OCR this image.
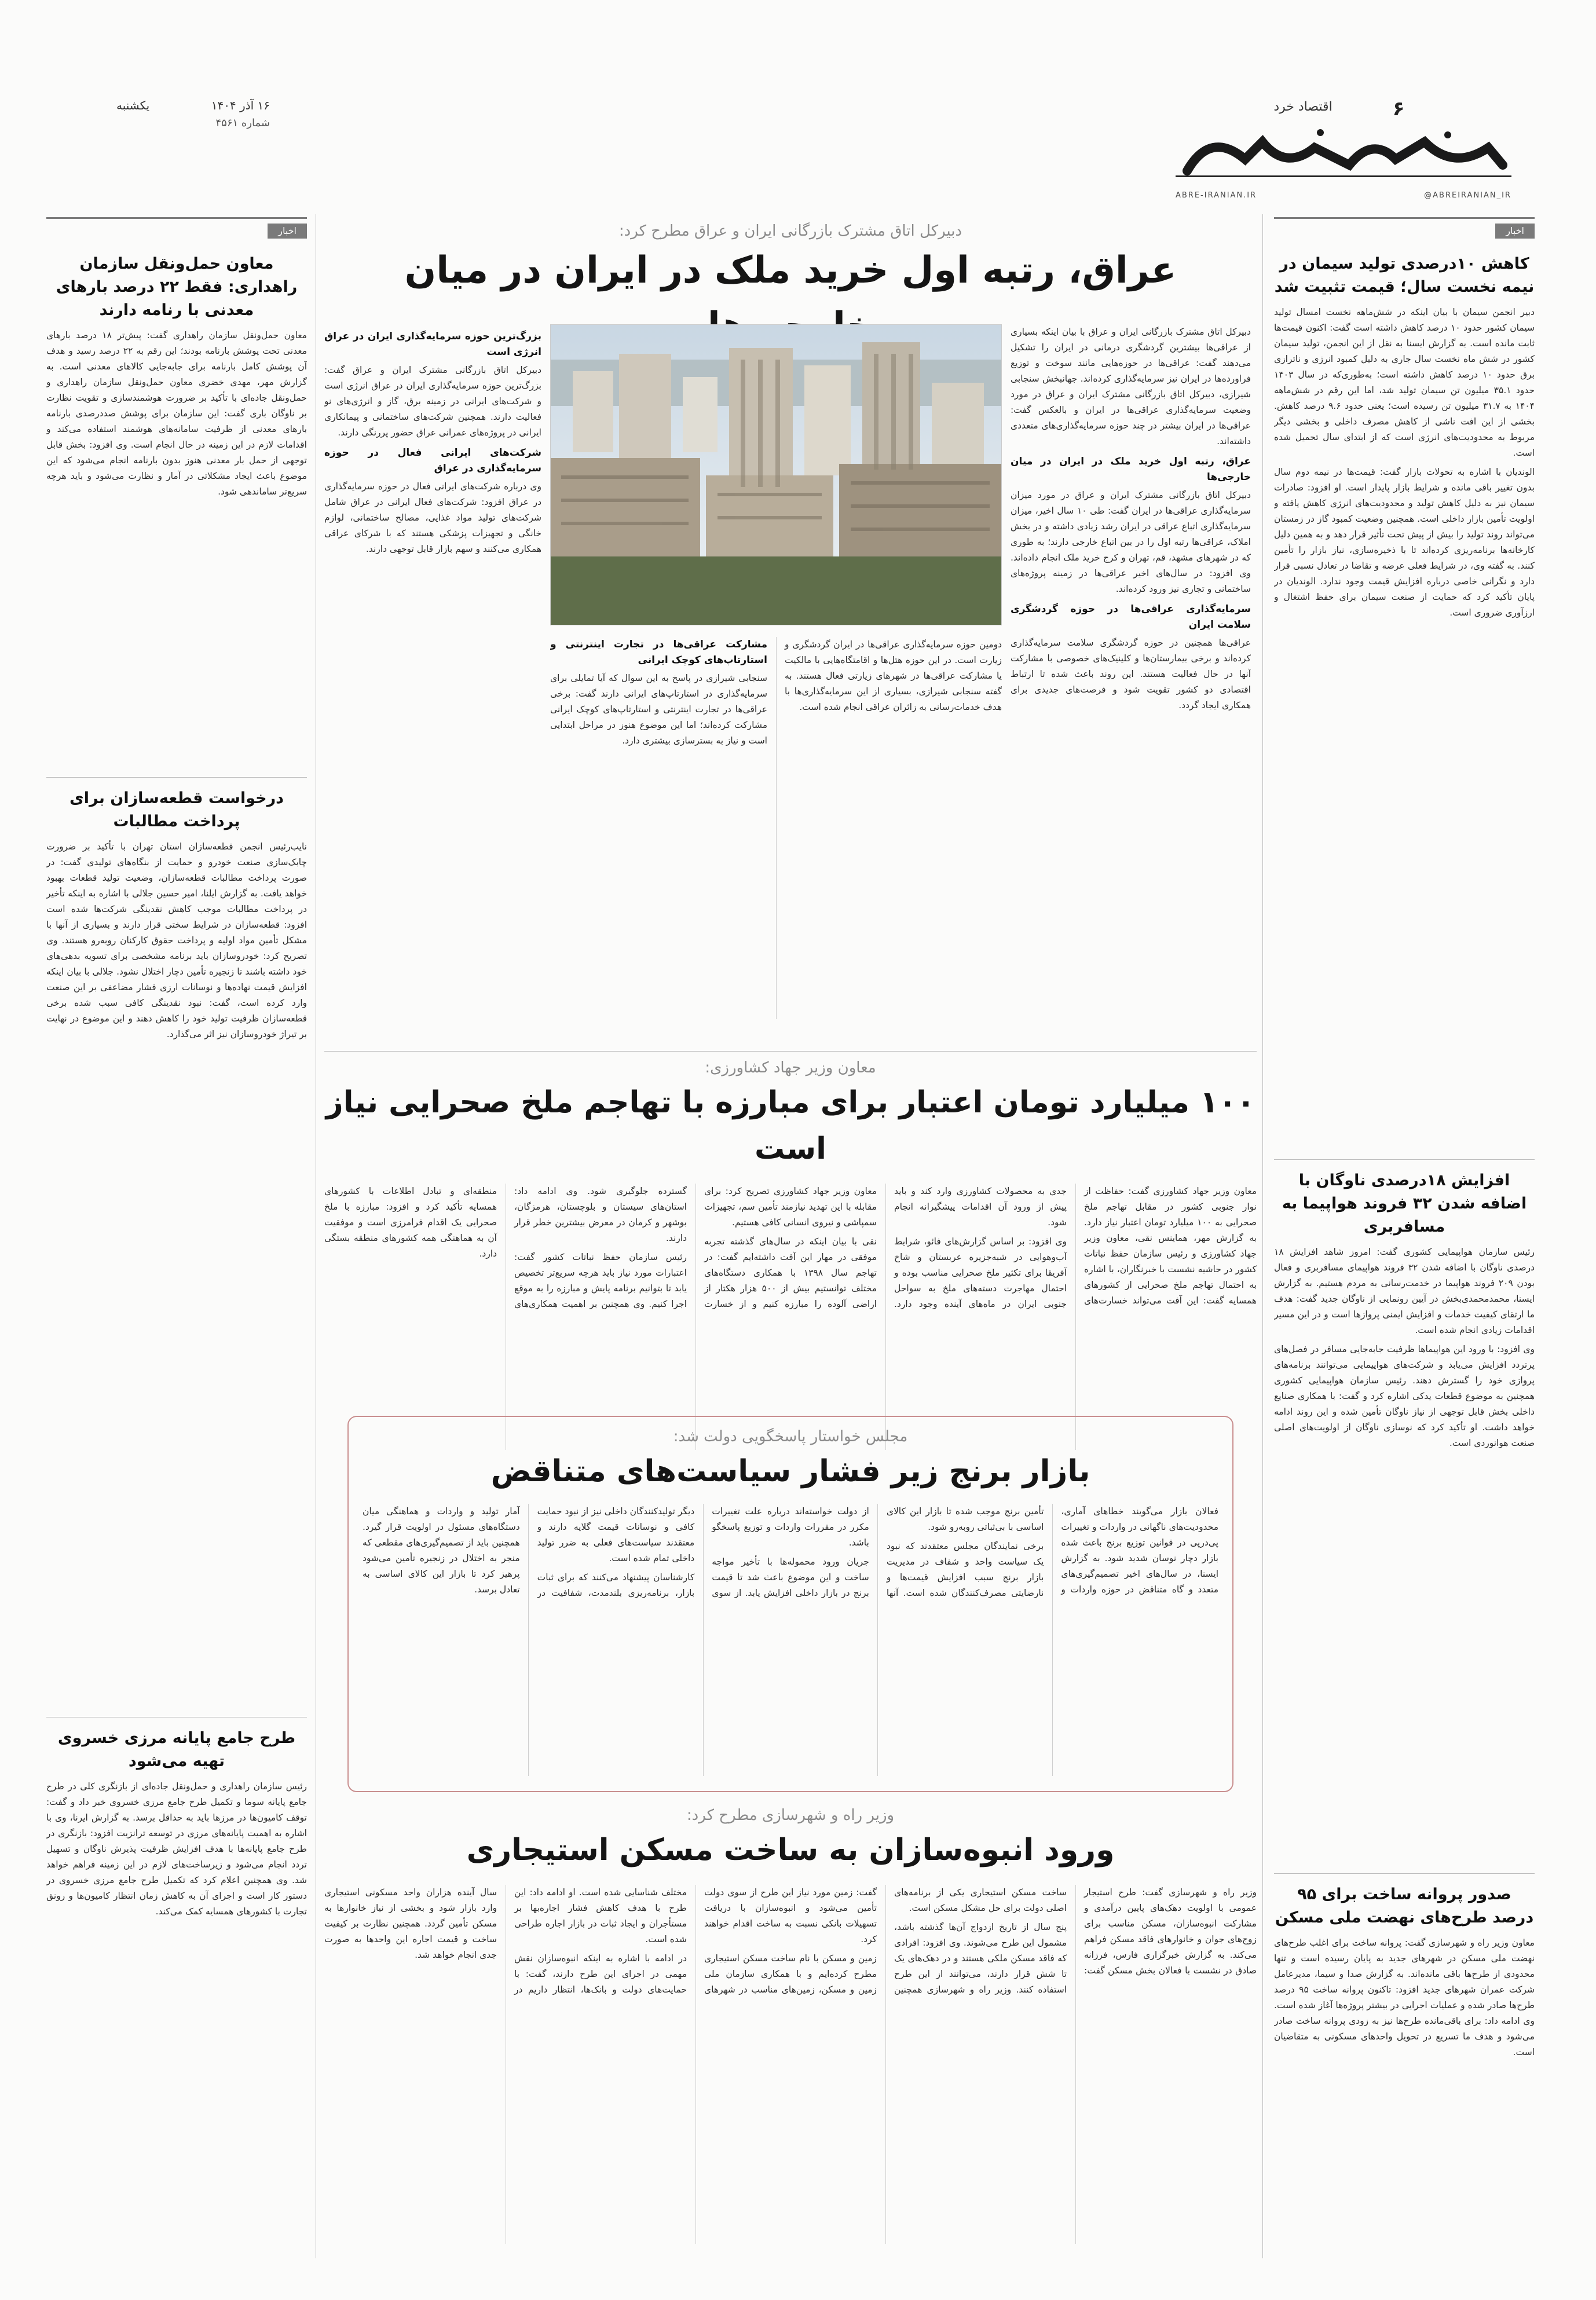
یکشنبه	۱۶ آذر ۱۴۰۴
شماره ۴۵۶۱
۶
اقتصاد خرد
ABRE-IRANIAN.IR	@ABREIRANIAN_IR
اخبار
کاهش ۱۰درصدی تولید سیمان در نیمه نخست سال؛ قیمت تثبیت شد

دبیر انجمن سیمان با بیان اینکه در شش‌ماهه نخست امسال تولید سیمان کشور حدود ۱۰ درصد کاهش داشته است گفت: اکنون قیمت‌ها ثابت مانده است. به گزارش ایسنا به نقل از این انجمن، تولید سیمان کشور در شش ماه نخست سال جاری به دلیل کمبود انرژی و ناترازی برق حدود ۱۰ درصد کاهش داشته است؛ به‌طوری‌که در سال ۱۴۰۳ حدود ۳۵.۱ میلیون تن سیمان تولید شد، اما این رقم در شش‌ماهه ۱۴۰۴ به ۳۱.۷ میلیون تن رسیده است؛ یعنی حدود ۹.۶ درصد کاهش. بخشی از این افت ناشی از کاهش مصرف داخلی و بخشی دیگر مربوط به محدودیت‌های انرژی است که از ابتدای سال تحمیل شده است.

الوندیان با اشاره به تحولات بازار گفت: قیمت‌ها در نیمه دوم سال بدون تغییر باقی مانده و شرایط بازار پایدار است. او افزود: صادرات سیمان نیز به دلیل کاهش تولید و محدودیت‌های انرژی کاهش یافته و اولویت تأمین بازار داخلی است. همچنین وضعیت کمبود گاز در زمستان می‌تواند روند تولید را بیش از پیش تحت تأثیر قرار دهد و به همین دلیل کارخانه‌ها برنامه‌ریزی کرده‌اند تا با ذخیره‌سازی، نیاز بازار را تأمین کنند. به گفته وی، در شرایط فعلی عرضه و تقاضا در تعادل نسبی قرار دارد و نگرانی خاصی درباره افزایش قیمت وجود ندارد. الوندیان در پایان تأکید کرد که حمایت از صنعت سیمان برای حفظ اشتغال و ارزآوری ضروری است.

افزایش ۱۸درصدی ناوگان با اضافه شدن ۳۲ فروند هواپیما به مسافربری

رئیس سازمان هواپیمایی کشوری گفت: امروز شاهد افزایش ۱۸ درصدی ناوگان با اضافه شدن ۳۲ فروند هواپیمای مسافربری و فعال بودن ۲۰۹ فروند هواپیما در خدمت‌رسانی به مردم هستیم. به گزارش ایسنا، محمدمحمدی‌بخش در آیین رونمایی از ناوگان جدید گفت: هدف ما ارتقای کیفیت خدمات و افزایش ایمنی پروازها است و در این مسیر اقدامات زیادی انجام شده است.

وی افزود: با ورود این هواپیماها ظرفیت جابه‌جایی مسافر در فصل‌های پرتردد افزایش می‌یابد و شرکت‌های هواپیمایی می‌توانند برنامه‌های پروازی خود را گسترش دهند. رئیس سازمان هواپیمایی کشوری همچنین به موضوع قطعات یدکی اشاره کرد و گفت: با همکاری صنایع داخلی بخش قابل توجهی از نیاز ناوگان تأمین شده و این روند ادامه خواهد داشت. او تأکید کرد که نوسازی ناوگان از اولویت‌های اصلی صنعت هوانوردی است.

صدور پروانه ساخت برای ۹۵ درصد طرح‌های نهضت ملی مسکن

معاون وزیر راه و شهرسازی گفت: پروانه ساخت برای اغلب طرح‌های نهضت ملی مسکن در شهرهای جدید به پایان رسیده است و تنها محدودی از طرح‌ها باقی مانده‌اند. به گزارش صدا و سیما، مدیرعامل شرکت عمران شهرهای جدید افزود: تاکنون پروانه ساخت ۹۵ درصد طرح‌ها صادر شده و عملیات اجرایی در بیشتر پروژه‌ها آغاز شده است. وی ادامه داد: برای باقی‌مانده طرح‌ها نیز به زودی پروانه ساخت صادر می‌شود و هدف ما تسریع در تحویل واحدهای مسکونی به متقاضیان است.

اخبار
معاون حمل‌ونقل سازمان راهداری: فقط ۲۲ درصد بارهای معدنی با رنامه دارند

معاون حمل‌ونقل سازمان راهداری گفت: پیش‌تر ۱۸ درصد بارهای معدنی تحت پوشش بارنامه بودند؛ این رقم به ۲۲ درصد رسید و هدف آن پوشش کامل بارنامه برای جابه‌جایی کالاهای معدنی است. به گزارش مهر، مهدی خضری معاون حمل‌ونقل سازمان راهداری و حمل‌ونقل جاده‌ای با تأکید بر ضرورت هوشمندسازی و تقویت نظارت بر ناوگان باری گفت: این سازمان برای پوشش صددرصدی بارنامه بارهای معدنی از ظرفیت سامانه‌های هوشمند استفاده می‌کند و اقدامات لازم در این زمینه در حال انجام است. وی افزود: بخش قابل توجهی از حمل بار معدنی هنوز بدون بارنامه انجام می‌شود که این موضوع باعث ایجاد مشکلاتی در آمار و نظارت می‌شود و باید هرچه سریع‌تر ساماندهی شود.

درخواست قطعه‌سازان برای پرداخت مطالبات

نایب‌رئیس انجمن قطعه‌سازان استان تهران با تأکید بر ضرورت چابک‌سازی صنعت خودرو و حمایت از بنگاه‌های تولیدی گفت: در صورت پرداخت مطالبات قطعه‌سازان، وضعیت تولید قطعات بهبود خواهد یافت. به گزارش ایلنا، امیر حسین جلالی با اشاره به اینکه تأخیر در پرداخت مطالبات موجب کاهش نقدینگی شرکت‌ها شده است افزود: قطعه‌سازان در شرایط سختی قرار دارند و بسیاری از آنها با مشکل تأمین مواد اولیه و پرداخت حقوق کارکنان روبه‌رو هستند. وی تصریح کرد: خودروسازان باید برنامه مشخصی برای تسویه بدهی‌های خود داشته باشند تا زنجیره تأمین دچار اختلال نشود. جلالی با بیان اینکه افزایش قیمت نهاده‌ها و نوسانات ارزی فشار مضاعفی بر این صنعت وارد کرده است، گفت: نبود نقدینگی کافی سبب شده برخی قطعه‌سازان ظرفیت تولید خود را کاهش دهند و این موضوع در نهایت بر تیراژ خودروسازان نیز اثر می‌گذارد.

طرح جامع پایانه مرزی خسروی تهیه می‌شود

رئیس سازمان راهداری و حمل‌ونقل جاده‌ای از بازنگری کلی در طرح جامع پایانه سوما و تکمیل طرح جامع مرزی خسروی خبر داد و گفت: توقف کامیون‌ها در مرزها باید به حداقل برسد. به گزارش ایرنا، وی با اشاره به اهمیت پایانه‌های مرزی در توسعه ترانزیت افزود: بازنگری در طرح جامع پایانه‌ها با هدف افزایش ظرفیت پذیرش ناوگان و تسهیل تردد انجام می‌شود و زیرساخت‌های لازم در این زمینه فراهم خواهد شد. وی همچنین اعلام کرد که تکمیل طرح جامع مرزی خسروی در دستور کار است و اجرای آن به کاهش زمان انتظار کامیون‌ها و رونق تجارت با کشورهای همسایه کمک می‌کند.

دبیرکل اتاق مشترک بازرگانی ایران و عراق مطرح کرد:
عراق، رتبه اول خرید ملک در ایران در میان

دبیرکل اتاق مشترک بازرگانی ایران و عراق با بیان اینکه بسیاری از عراقی‌ها بیشترین گردشگری درمانی در ایران را تشکیل می‌دهند گفت: عراقی‌ها در حوزه‌هایی مانند سوخت و توزیع فراورده‌ها در ایران نیز سرمایه‌گذاری کرده‌اند. جهانبخش سنجابی شیرازی، دبیرکل اتاق بازرگانی مشترک ایران و عراق در مورد وضعیت سرمایه‌گذاری عراقی‌ها در ایران و بالعکس گفت: عراقی‌ها در ایران بیشتر در چند حوزه سرمایه‌گذاری‌های متعددی داشته‌اند.

عراق، رتبه اول خرید ملک در ایران در میان خارجی‌ها

دبیرکل اتاق بازرگانی مشترک ایران و عراق در مورد میزان سرمایه‌گذاری عراقی‌ها در ایران گفت: طی ۱۰ سال اخیر، میزان سرمایه‌گذاری اتباع عراقی در ایران رشد زیادی داشته و در بخش املاک، عراقی‌ها رتبه اول را در بین اتباع خارجی دارند؛ به طوری که در شهرهای مشهد، قم، تهران و کرج خرید ملک انجام داده‌اند. وی افزود: در سال‌های اخیر عراقی‌ها در زمینه پروژه‌های ساختمانی و تجاری نیز ورود کرده‌اند.

سرمایه‌گذاری عراقی‌ها در حوزه گردشگری سلامت ایران

عراقی‌ها همچنین در حوزه گردشگری سلامت سرمایه‌گذاری کرده‌اند و برخی بیمارستان‌ها و کلینیک‌های خصوصی با مشارکت آنها در حال فعالیت هستند. این روند باعث شده تا ارتباط اقتصادی دو کشور تقویت شود و فرصت‌های جدیدی برای همکاری ایجاد گردد.

بزرگ‌ترین حوزه سرمایه‌گذاری ایران در عراق انرژی است

دبیرکل اتاق بازرگانی مشترک ایران و عراق گفت: بزرگ‌ترین حوزه سرمایه‌گذاری ایران در عراق انرژی است و شرکت‌های ایرانی در زمینه برق، گاز و انرژی‌های نو فعالیت دارند. همچنین شرکت‌های ساختمانی و پیمانکاری ایرانی در پروژه‌های عمرانی عراق حضور پررنگی دارند.

شرکت‌های ایرانی فعال در حوزه سرمایه‌گذاری در عراق

وی درباره شرکت‌های ایرانی فعال در حوزه سرمایه‌گذاری در عراق افزود: شرکت‌های فعال ایرانی در عراق شامل شرکت‌های تولید مواد غذایی، مصالح ساختمانی، لوازم خانگی و تجهیزات پزشکی هستند که با شرکای عراقی همکاری می‌کنند و سهم بازار قابل توجهی دارند.

دومین حوزه سرمایه‌گذاری عراقی‌ها در ایران گردشگری و زیارت است. در این حوزه هتل‌ها و اقامتگاه‌هایی با مالکیت یا مشارکت عراقی‌ها در شهرهای زیارتی فعال هستند. به گفته سنجابی شیرازی، بسیاری از این سرمایه‌گذاری‌ها با هدف خدمات‌رسانی به زائران عراقی انجام شده است.

مشارکت عراقی‌ها در تجارت اینترنتی و استارتاپ‌های کوچک ایرانی

سنجابی شیرازی در پاسخ به این سوال که آیا تمایلی برای سرمایه‌گذاری در استارتاپ‌های ایرانی دارند گفت: برخی عراقی‌ها در تجارت اینترنتی و استارتاپ‌های کوچک ایرانی مشارکت کرده‌اند؛ اما این موضوع هنوز در مراحل ابتدایی است و نیاز به بسترسازی بیشتری دارد.

معاون وزیر جهاد کشاورزی:
۱۰۰ میلیارد تومان اعتبار برای مبارزه با تهاجم ملخ صحرایی نیاز است

معاون وزیر جهاد کشاورزی گفت: حفاظت از نوار جنوبی کشور در مقابل تهاجم ملخ صحرایی به ۱۰۰ میلیارد تومان اعتبار نیاز دارد. به گزارش مهر، هماینس نقی، معاون وزیر جهاد کشاورزی و رئیس سازمان حفظ نباتات کشور در حاشیه نشست با خبرنگاران، با اشاره به احتمال تهاجم ملخ صحرایی از کشورهای همسایه گفت: این آفت می‌تواند خسارت‌های جدی به محصولات کشاورزی وارد کند و باید پیش از ورود آن اقدامات پیشگیرانه انجام شود.

وی افزود: بر اساس گزارش‌های فائو، شرایط آب‌وهوایی در شبه‌جزیره عربستان و شاخ آفریقا برای تکثیر ملخ صحرایی مناسب بوده و احتمال مهاجرت دسته‌های ملخ به سواحل جنوبی ایران در ماه‌های آینده وجود دارد. معاون وزیر جهاد کشاورزی تصریح کرد: برای مقابله با این تهدید نیازمند تأمین سم، تجهیزات سمپاشی و نیروی انسانی کافی هستیم.

نقی با بیان اینکه در سال‌های گذشته تجربه موفقی در مهار این آفت داشته‌ایم گفت: در تهاجم سال ۱۳۹۸ با همکاری دستگاه‌های مختلف توانستیم بیش از ۵۰۰ هزار هکتار از اراضی آلوده را مبارزه کنیم و از خسارت گسترده جلوگیری شود. وی ادامه داد: استان‌های سیستان و بلوچستان، هرمزگان، بوشهر و کرمان در معرض بیشترین خطر قرار دارند.

رئیس سازمان حفظ نباتات کشور گفت: اعتبارات مورد نیاز باید هرچه سریع‌تر تخصیص یابد تا بتوانیم برنامه پایش و مبارزه را به موقع اجرا کنیم. وی همچنین بر اهمیت همکاری‌های منطقه‌ای و تبادل اطلاعات با کشورهای همسایه تأکید کرد و افزود: مبارزه با ملخ صحرایی یک اقدام فرامرزی است و موفقیت آن به هماهنگی همه کشورهای منطقه بستگی دارد.

مجلس خواستار پاسخگویی دولت شد:
بازار برنج زیر فشار سیاست‌های متناقض

فعالان بازار می‌گویند خطاهای آماری، محدودیت‌های ناگهانی در واردات و تغییرات پی‌درپی در قوانین توزیع برنج باعث شده بازار دچار نوسان شدید شود. به گزارش ایسنا، در سال‌های اخیر تصمیم‌گیری‌های متعدد و گاه متناقض در حوزه واردات و تأمین برنج موجب شده تا بازار این کالای اساسی با بی‌ثباتی روبه‌رو شود.

برخی نمایندگان مجلس معتقدند که نبود یک سیاست واحد و شفاف در مدیریت بازار برنج سبب افزایش قیمت‌ها و نارضایتی مصرف‌کنندگان شده است. آنها از دولت خواسته‌اند درباره علت تغییرات مکرر در مقررات واردات و توزیع پاسخگو باشد.

جریان ورود محموله‌ها با تأخیر مواجه ساخت و این موضوع باعث شد تا قیمت برنج در بازار داخلی افزایش یابد. از سوی دیگر تولیدکنندگان داخلی نیز از نبود حمایت کافی و نوسانات قیمت گلایه دارند و معتقدند سیاست‌های فعلی به ضرر تولید داخلی تمام شده است.

کارشناسان پیشنهاد می‌کنند که برای ثبات بازار، برنامه‌ریزی بلندمدت، شفافیت در آمار تولید و واردات و هماهنگی میان دستگاه‌های مسئول در اولویت قرار گیرد. همچنین باید از تصمیم‌گیری‌های مقطعی که منجر به اختلال در زنجیره تأمین می‌شود پرهیز کرد تا بازار این کالای اساسی به تعادل برسد.

وزیر راه و شهرسازی مطرح کرد:
ورود انبوه‌سازان به ساخت مسکن استیجاری

وزیر راه و شهرسازی گفت: طرح استیجار عمومی با اولویت دهک‌های پایین درآمدی و مشارکت انبوه‌سازان، مسکن مناسب برای زوج‌های جوان و خانوارهای فاقد مسکن فراهم می‌کند. به گزارش خبرگزاری فارس، فرزانه صادق در نشست با فعالان بخش مسکن گفت: ساخت مسکن استیجاری یکی از برنامه‌های اصلی دولت برای حل مشکل مسکن است.

پنج سال از تاریخ ازدواج آن‌ها گذشته باشد، مشمول این طرح می‌شوند. وی افزود: افرادی که فاقد مسکن ملکی هستند و در دهک‌های یک تا شش قرار دارند، می‌توانند از این طرح استفاده کنند. وزیر راه و شهرسازی همچنین گفت: زمین مورد نیاز این طرح از سوی دولت تأمین می‌شود و انبوه‌سازان با دریافت تسهیلات بانکی نسبت به ساخت اقدام خواهند کرد.

زمین و مسکن با نام ساخت مسکن استیجاری مطرح کرده‌ایم و با همکاری سازمان ملی زمین و مسکن، زمین‌های مناسب در شهرهای مختلف شناسایی شده است. او ادامه داد: این طرح با هدف کاهش فشار اجاره‌بها بر مستأجران و ایجاد ثبات در بازار اجاره طراحی شده است.

در ادامه با اشاره به اینکه انبوه‌سازان نقش مهمی در اجرای این طرح دارند، گفت: با حمایت‌های دولت و بانک‌ها، انتظار داریم در سال آینده هزاران واحد مسکونی استیجاری وارد بازار شود و بخشی از نیاز خانوارها به مسکن تأمین گردد. همچنین نظارت بر کیفیت ساخت و قیمت اجاره این واحدها به صورت جدی انجام خواهد شد.
